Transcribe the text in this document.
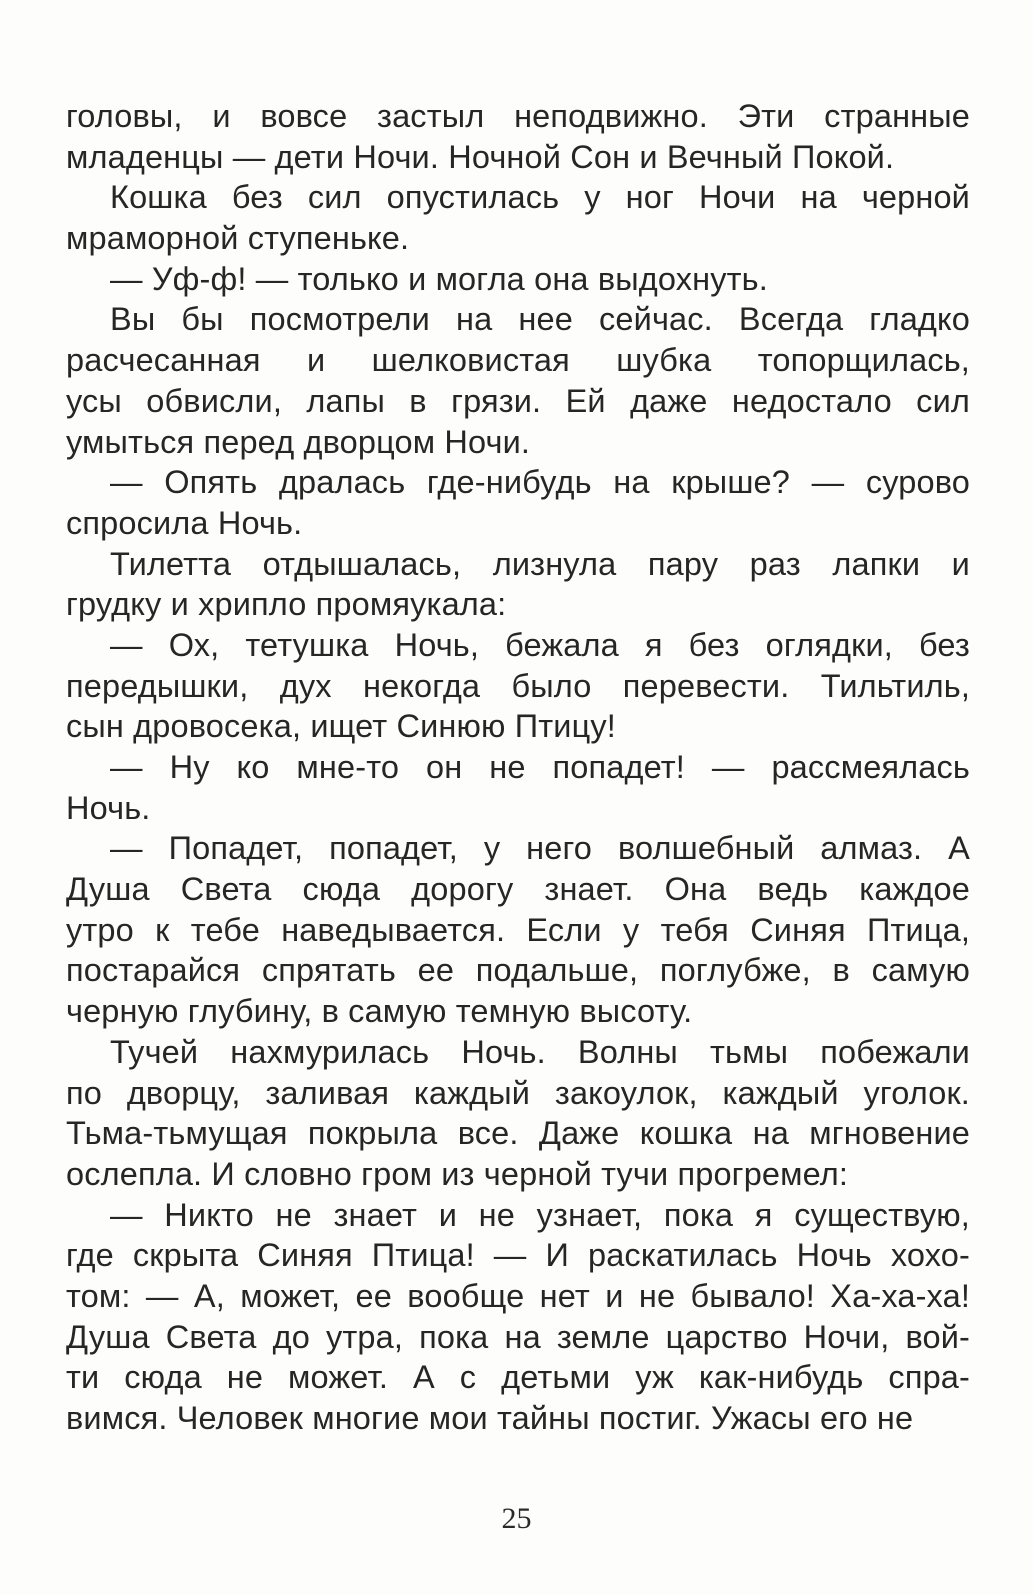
головы, и вовсе застыл неподвижно. Эти странные
младенцы — дети Ночи. Ночной Сон и Вечный Покой.
Кошка без сил опустилась у ног Ночи на черной
мраморной ступеньке.
— Уф-ф! — только и могла она выдохнуть.
Вы бы посмотрели на нее сейчас. Всегда гладко
расчесанная и шелковистая шубка топорщилась,
усы обвисли, лапы в грязи. Ей даже недостало сил
умыться перед дворцом Ночи.
— Опять дралась где-нибудь на крыше? — сурово
спросила Ночь.
Тилетта отдышалась, лизнула пару раз лапки и
грудку и хрипло промяукала:
— Ох, тетушка Ночь, бежала я без оглядки, без
передышки, дух некогда было перевести. Тильтиль,
сын дровосека, ищет Синюю Птицу!
— Ну ко мне-то он не попадет! — рассмеялась
Ночь.
— Попадет, попадет, у него волшебный алмаз. А
Душа Света сюда дорогу знает. Она ведь каждое
утро к тебе наведывается. Если у тебя Синяя Птица,
постарайся спрятать ее подальше, поглубже, в самую
черную глубину, в самую темную высоту.
Тучей нахмурилась Ночь. Волны тьмы побежали
по дворцу, заливая каждый закоулок, каждый уголок.
Тьма-тьмущая покрыла все. Даже кошка на мгновение
ослепла. И словно гром из черной тучи прогремел:
— Никто не знает и не узнает, пока я существую,
где скрыта Синяя Птица! — И раскатилась Ночь хохо-
том: — А, может, ее вообще нет и не бывало! Ха-ха-ха!
Душа Света до утра, пока на земле царство Ночи, вой-
ти сюда не может. А с детьми уж как-нибудь спра-
вимся. Человек многие мои тайны постиг. Ужасы его не
25
